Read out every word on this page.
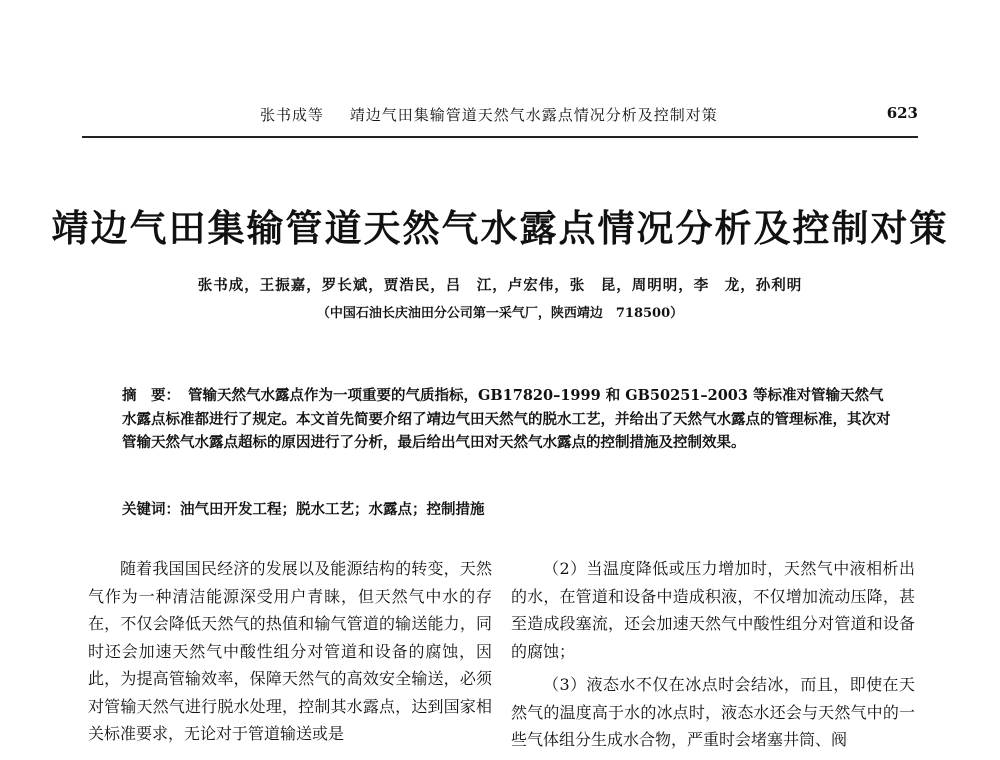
张书成等 靖边气田集输管道天然气水露点情况分析及控制对策	623
靖边气田集输管道天然气水露点情况分析及控制对策
张书成，王振嘉，罗长斌，贾浩民，吕　江，卢宏伟，张　昆，周明明，李　龙，孙利明
（中国石油长庆油田分公司第一采气厂，陕西靖边　718500）
摘　要： 管输天然气水露点作为一项重要的气质指标，GB17820–1999 和 GB50251–2003 等标准对管输天然气水露点标准都进行了规定。本文首先简要介绍了靖边气田天然气的脱水工艺，并给出了天然气水露点的管理标准，其次对管输天然气水露点超标的原因进行了分析，最后给出气田对天然气水露点的控制措施及控制效果。
关键词：油气田开发工程；脱水工艺；水露点；控制措施

随着我国国民经济的发展以及能源结构的转变，天然气作为一种清洁能源深受用户青睐，但天然气中水的存在，不仅会降低天然气的热值和输气管道的输送能力，同时还会加速天然气中酸性组分对管道和设备的腐蚀，因此，为提高管输效率，保障天然气的高效安全输送，必须对管输天然气进行脱水处理，控制其水露点，达到国家相关标准要求，无论对于管道输送或是

（2）当温度降低或压力增加时，天然气中液相析出的水，在管道和设备中造成积液，不仅增加流动压降，甚至造成段塞流，还会加速天然气中酸性组分对管道和设备的腐蚀；

（3）液态水不仅在冰点时会结冰，而且，即使在天然气的温度高于水的冰点时，液态水还会与天然气中的一些气体组分生成水合物，严重时会堵塞井筒、阀
